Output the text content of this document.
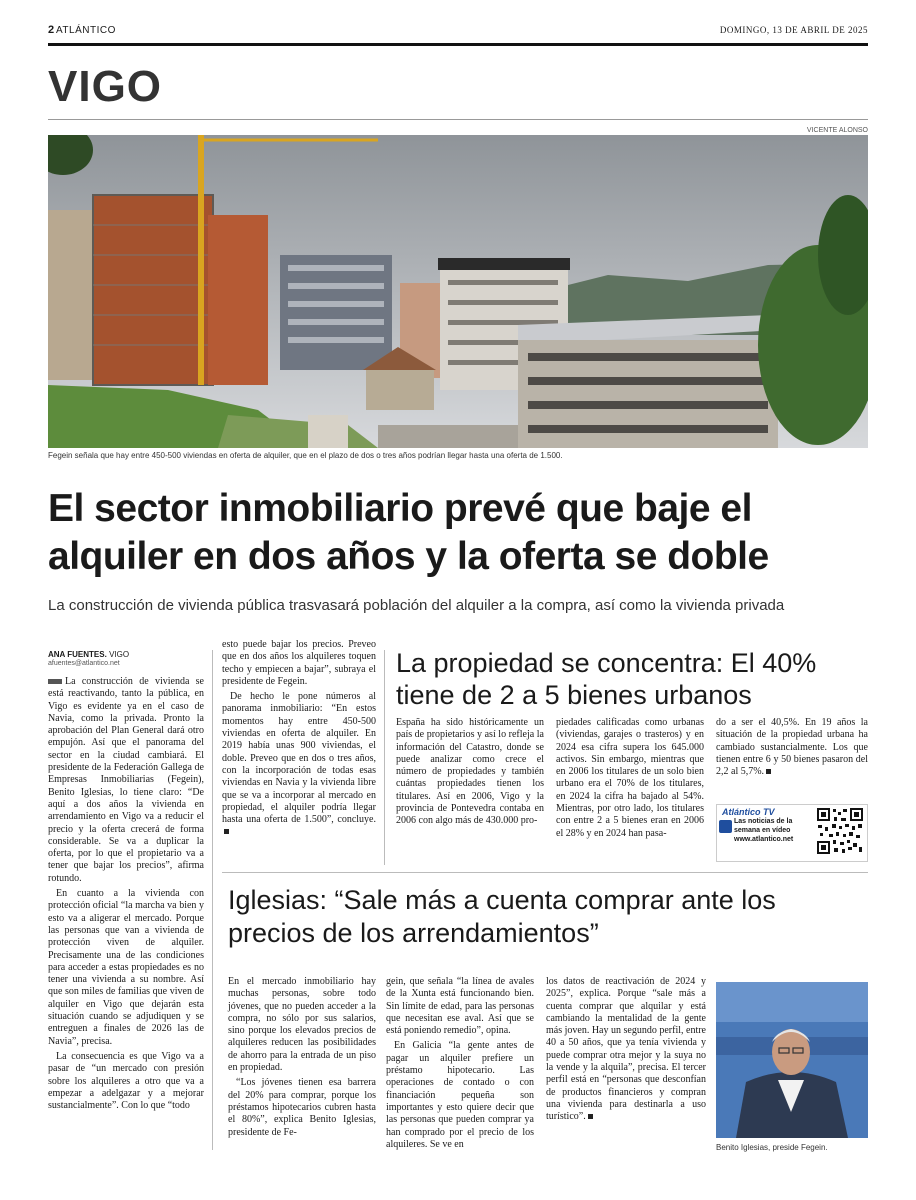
2 ATLÁNTICO	DOMINGO, 13 DE ABRIL DE 2025
VIGO
VICENTE ALONSO
Fegein señala que hay entre 450-500 viviendas en oferta de alquiler, que en el plazo de dos o tres años podrían llegar hasta una oferta de 1.500.
El sector inmobiliario prevé que baje el alquiler en dos años y la oferta se doble
La construcción de vivienda pública trasvasará población del alquiler a la compra, así como la vivienda privada
ANA FUENTES. VIGO
afuentes@atlantico.net

La construcción de vivienda se está reactivando, tanto la pública, en Vigo es evidente ya en el caso de Navia, como la privada. Pronto la aprobación del Plan General dará otro empujón. Así que el panorama del sector en la ciudad cambiará. El presidente de la Federación Gallega de Empresas Inmobiliarias (Fegein), Benito Iglesias, lo tiene claro: “De aquí a dos años la vivienda en arrendamiento en Vigo va a reducir el precio y la oferta crecerá de forma considerable. Se va a duplicar la oferta, por lo que el propietario va a tener que bajar los precios”, afirma rotundo.

En cuanto a la vivienda con protección oficial “la marcha va bien y esto va a aligerar el mercado. Porque las personas que van a vivienda de protección viven de alquiler. Precisamente una de las condiciones para acceder a estas propiedades es no tener una vivienda a su nombre. Así que son miles de familias que viven de alquiler en Vigo que dejarán esta situación cuando se adjudiquen y se entreguen a finales de 2026 las de Navia”, precisa.

La consecuencia es que Vigo va a pasar de “un mercado con presión sobre los alquileres a otro que va a empezar a adelgazar y a mejorar sustancialmente”. Con lo que “todo

esto puede bajar los precios. Preveo que en dos años los alquileres toquen techo y empiecen a bajar”, subraya el presidente de Fegein.

De hecho le pone números al panorama inmobiliario: “En estos momentos hay entre 450-500 viviendas en oferta de alquiler. En 2019 había unas 900 viviendas, el doble. Preveo que en dos o tres años, con la incorporación de todas esas viviendas en Navia y la vivienda libre que se va a incorporar al mercado en propiedad, el alquiler podría llegar hasta una oferta de 1.500”, concluye.

La propiedad se concentra: El 40% tiene de 2 a 5 bienes urbanos

España ha sido históricamente un país de propietarios y así lo refleja la información del Catastro, donde se puede analizar como crece el número de propiedades y también cuántas propiedades tienen los titulares. Así en 2006, Vigo y la provincia de Pontevedra contaba en 2006 con algo más de 430.000 pro-

piedades calificadas como urbanas (viviendas, garajes o trasteros) y en 2024 esa cifra supera los 645.000 activos. Sin embargo, mientras que en 2006 los titulares de un solo bien urbano era el 70% de los titulares, en 2024 la cifra ha bajado al 54%. Mientras, por otro lado, los titulares con entre 2 a 5 bienes eran en 2006 el 28% y en 2024 han pasa-

do a ser el 40,5%. En 19 años la situación de la propiedad urbana ha cambiado sustancialmente. Los que tienen entre 6 y 50 bienes pasaron del 2,2 al 5,7%.

Atlántico TV
Las noticias de la semana en vídeo www.atlantico.net
Iglesias: “Sale más a cuenta comprar ante los precios de los arrendamientos”

En el mercado inmobiliario hay muchas personas, sobre todo jóvenes, que no pueden acceder a la compra, no sólo por sus salarios, sino porque los elevados precios de alquileres reducen las posibilidades de ahorro para la entrada de un piso en propiedad.

“Los jóvenes tienen esa barrera del 20% para comprar, porque los préstamos hipotecarios cubren hasta el 80%”, explica Benito Iglesias, presidente de Fe-

gein, que señala “la línea de avales de la Xunta está funcionando bien. Sin límite de edad, para las personas que necesitan ese aval. Así que se está poniendo remedio”, opina.

En Galicia “la gente antes de pagar un alquiler prefiere un préstamo hipotecario. Las operaciones de contado o con financiación pequeña son importantes y esto quiere decir que las personas que pueden comprar ya han comprado por el precio de los alquileres. Se ve en

los datos de reactivación de 2024 y 2025”, explica. Porque “sale más a cuenta comprar que alquilar y está cambiando la mentalidad de la gente más joven. Hay un segundo perfil, entre 40 a 50 años, que ya tenía vivienda y puede comprar otra mejor y la suya no la vende y la alquila”, precisa. El tercer perfil está en “personas que desconfían de productos financieros y compran una vivienda para destinarla a uso turístico”.

Benito Iglesias, preside Fegein.
